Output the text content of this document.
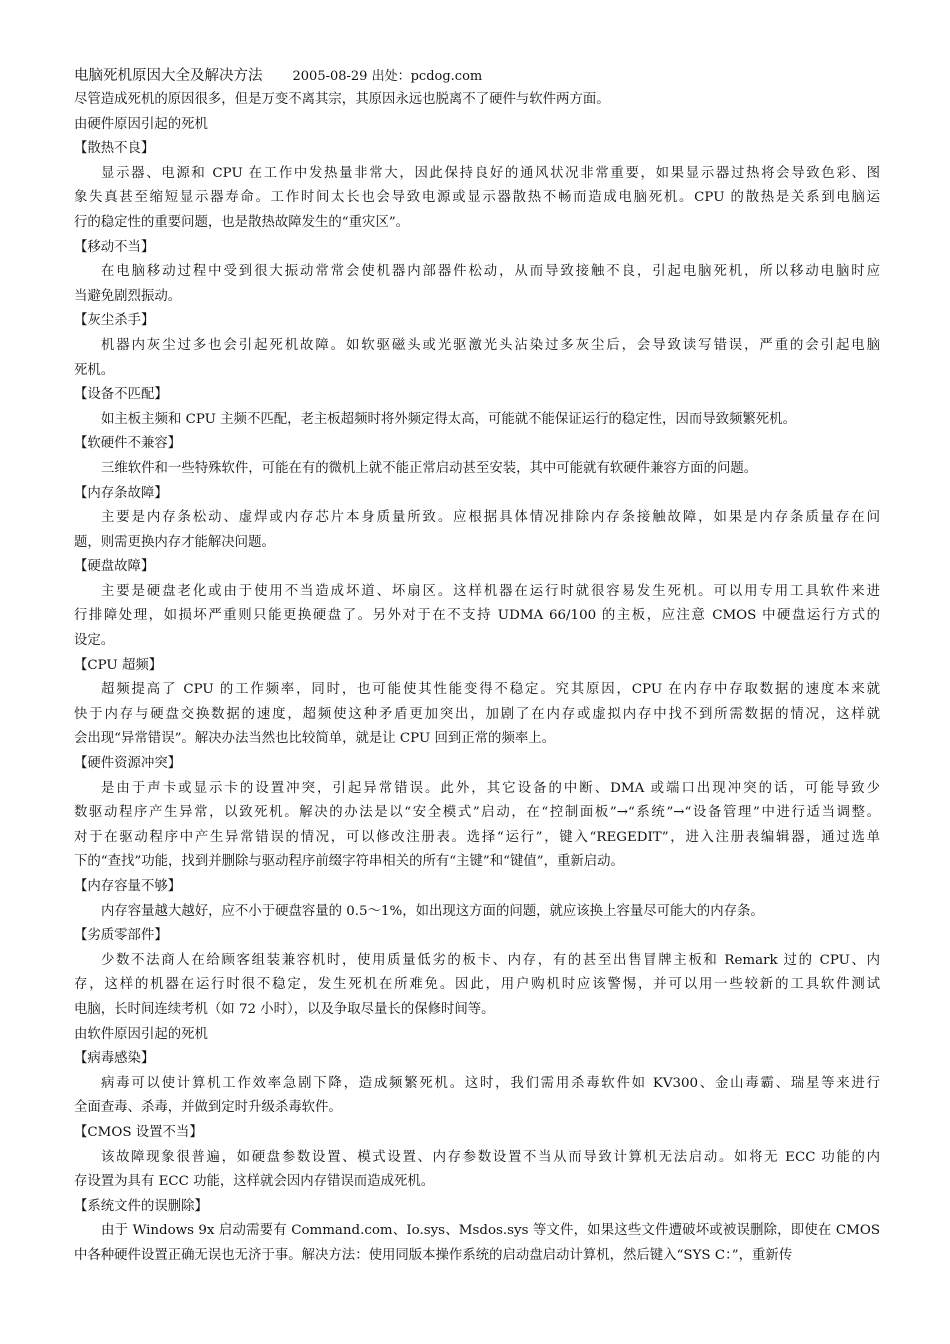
电脑死机原因大全及解决方法 2005-08-29 出处：pcdog.com

尽管造成死机的原因很多，但是万变不离其宗，其原因永远也脱离不了硬件与软件两方面。

由硬件原因引起的死机

【散热不良】

显示器、电源和 CPU 在工作中发热量非常大，因此保持良好的通风状况非常重要，如果显示器过热将会导致色彩、图

象失真甚至缩短显示器寿命。工作时间太长也会导致电源或显示器散热不畅而造成电脑死机。CPU 的散热是关系到电脑运

行的稳定性的重要问题，也是散热故障发生的“重灾区”。

【移动不当】

在电脑移动过程中受到很大振动常常会使机器内部器件松动，从而导致接触不良，引起电脑死机，所以移动电脑时应

当避免剧烈振动。

【灰尘杀手】

机器内灰尘过多也会引起死机故障。如软驱磁头或光驱激光头沾染过多灰尘后，会导致读写错误，严重的会引起电脑

死机。

【设备不匹配】

如主板主频和 CPU 主频不匹配，老主板超频时将外频定得太高，可能就不能保证运行的稳定性，因而导致频繁死机。

【软硬件不兼容】

三维软件和一些特殊软件，可能在有的微机上就不能正常启动甚至安装，其中可能就有软硬件兼容方面的问题。

【内存条故障】

主要是内存条松动、虚焊或内存芯片本身质量所致。应根据具体情况排除内存条接触故障，如果是内存条质量存在问

题，则需更换内存才能解决问题。

【硬盘故障】

主要是硬盘老化或由于使用不当造成坏道、坏扇区。这样机器在运行时就很容易发生死机。可以用专用工具软件来进

行排障处理，如损坏严重则只能更换硬盘了。另外对于在不支持 UDMA 66/100 的主板，应注意 CMOS 中硬盘运行方式的

设定。

【CPU 超频】

超频提高了 CPU 的工作频率，同时，也可能使其性能变得不稳定。究其原因，CPU 在内存中存取数据的速度本来就

快于内存与硬盘交换数据的速度，超频使这种矛盾更加突出，加剧了在内存或虚拟内存中找不到所需数据的情况，这样就

会出现“异常错误”。解决办法当然也比较简单，就是让 CPU 回到正常的频率上。

【硬件资源冲突】

是由于声卡或显示卡的设置冲突，引起异常错误。此外，其它设备的中断、DMA 或端口出现冲突的话，可能导致少

数驱动程序产生异常，以致死机。解决的办法是以“安全模式”启动，在“控制面板”→“系统”→“设备管理”中进行适当调整。

对于在驱动程序中产生异常错误的情况，可以修改注册表。选择“运行”，键入“REGEDIT”，进入注册表编辑器，通过选单

下的“查找”功能，找到并删除与驱动程序前缀字符串相关的所有“主键”和“键值”，重新启动。

【内存容量不够】

内存容量越大越好，应不小于硬盘容量的 0.5～1%，如出现这方面的问题，就应该换上容量尽可能大的内存条。

【劣质零部件】

少数不法商人在给顾客组装兼容机时，使用质量低劣的板卡、内存，有的甚至出售冒牌主板和 Remark 过的 CPU、内

存，这样的机器在运行时很不稳定，发生死机在所难免。因此，用户购机时应该警惕，并可以用一些较新的工具软件测试

电脑，长时间连续考机（如 72 小时），以及争取尽量长的保修时间等。

由软件原因引起的死机

【病毒感染】

病毒可以使计算机工作效率急剧下降，造成频繁死机。这时，我们需用杀毒软件如 KV300、金山毒霸、瑞星等来进行

全面查毒、杀毒，并做到定时升级杀毒软件。

【CMOS 设置不当】

该故障现象很普遍，如硬盘参数设置、模式设置、内存参数设置不当从而导致计算机无法启动。如将无 ECC 功能的内

存设置为具有 ECC 功能，这样就会因内存错误而造成死机。

【系统文件的误删除】

由于 Windows 9x 启动需要有 Command.com、Io.sys、Msdos.sys 等文件，如果这些文件遭破坏或被误删除，即使在 CMOS

中各种硬件设置正确无误也无济于事。解决方法：使用同版本操作系统的启动盘启动计算机，然后键入“SYS C：”，重新传
